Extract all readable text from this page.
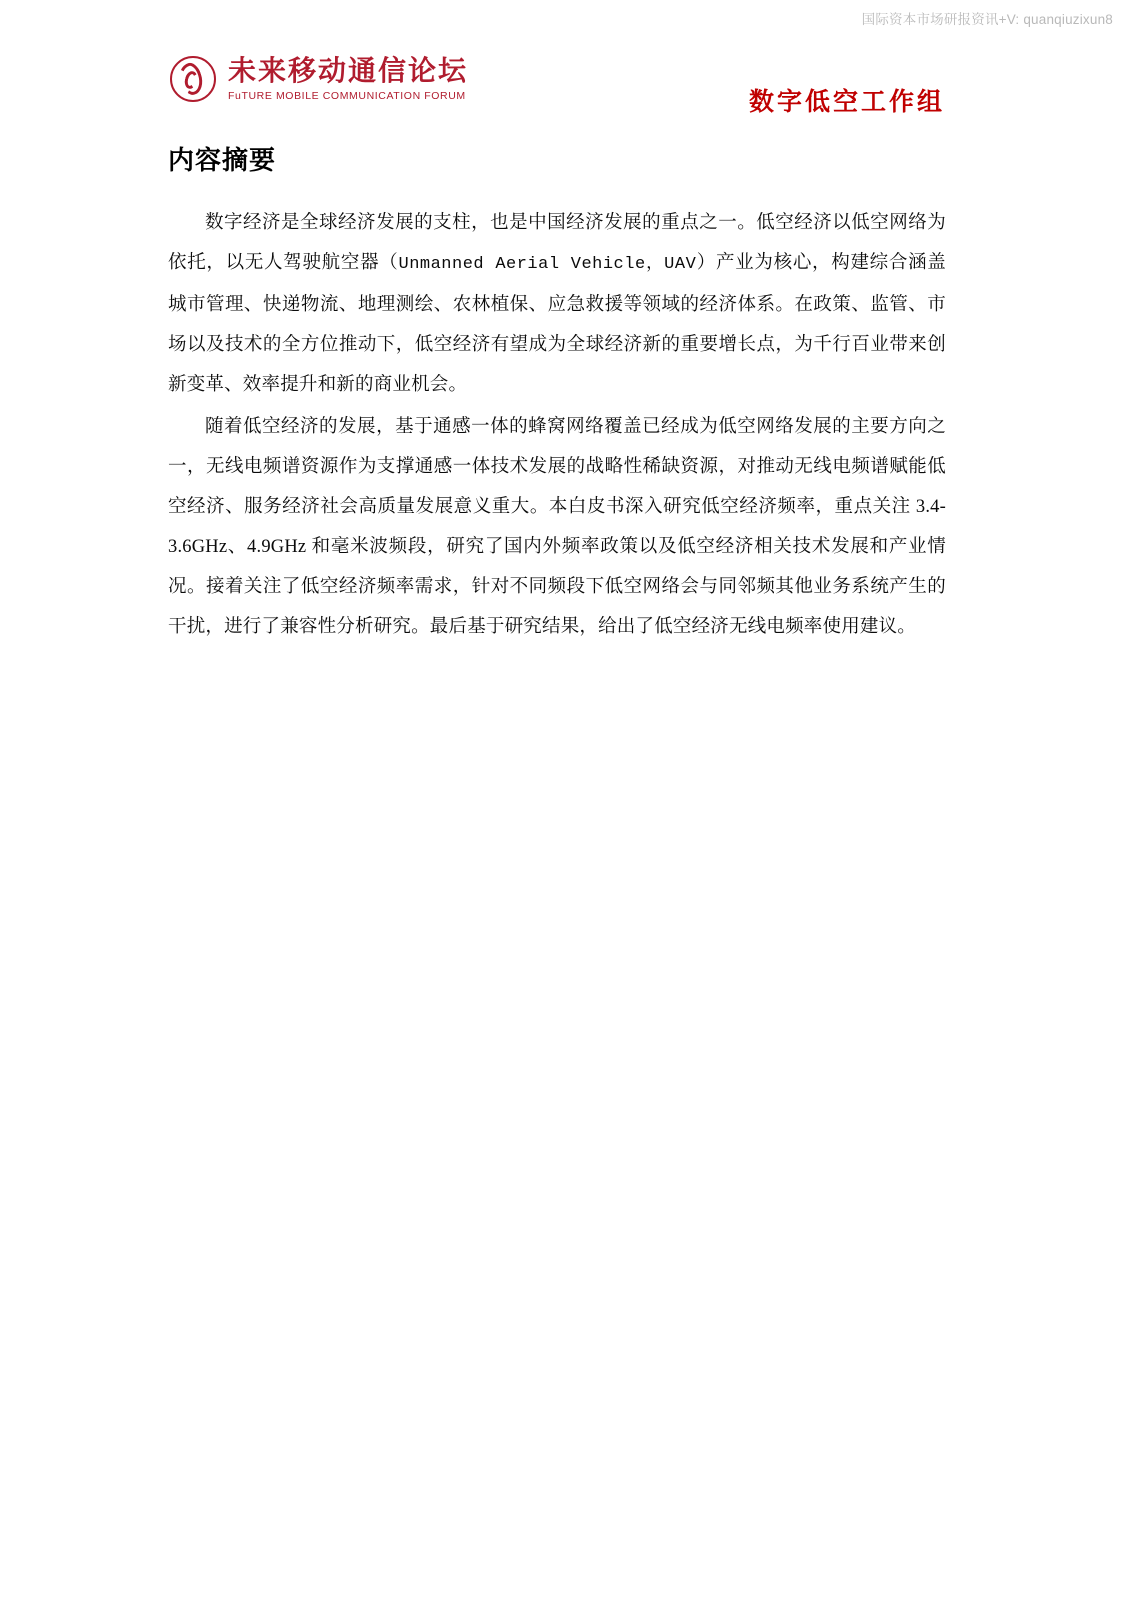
国际资本市场研报资讯+V: quanqiuzixun8
未来移动通信论坛
FuTURE MOBILE COMMUNICATION FORUM	数字低空工作组
内容摘要

数字经济是全球经济发展的支柱，也是中国经济发展的重点之一。低空经济以低空网络为依托，以无人驾驶航空器（Unmanned Aerial Vehicle，UAV）产业为核心，构建综合涵盖 城市管理、快递物流、地理测绘、农林植保、应急救援等领域的经济体系。在政策、监管、市场以及技术的全方位推动下，低空经济有望成为全球经济新的重要增长点，为千行百业带来创新变革、效率提升和新的商业机会。

随着低空经济的发展，基于通感一体的蜂窝网络覆盖已经成为低空网络发展的主要方向之一，无线电频谱资源作为支撑通感一体技术发展的战略性稀缺资源，对推动无线电频谱赋能低空经济、服务经济社会高质量发展意义重大。本白皮书深入研究低空经济频率，重点关注 3.4-3.6GHz、4.9GHz 和毫米波频段，研究了国内外频率政策以及低空经济相关技术发展和产业情况。接着关注了低空经济频率需求，针对不同频段下低空网络会与同邻频其他业务系统产生的干扰，进行了兼容性分析研究。最后基于研究结果，给出了低空经济无线电频率使用建议。
